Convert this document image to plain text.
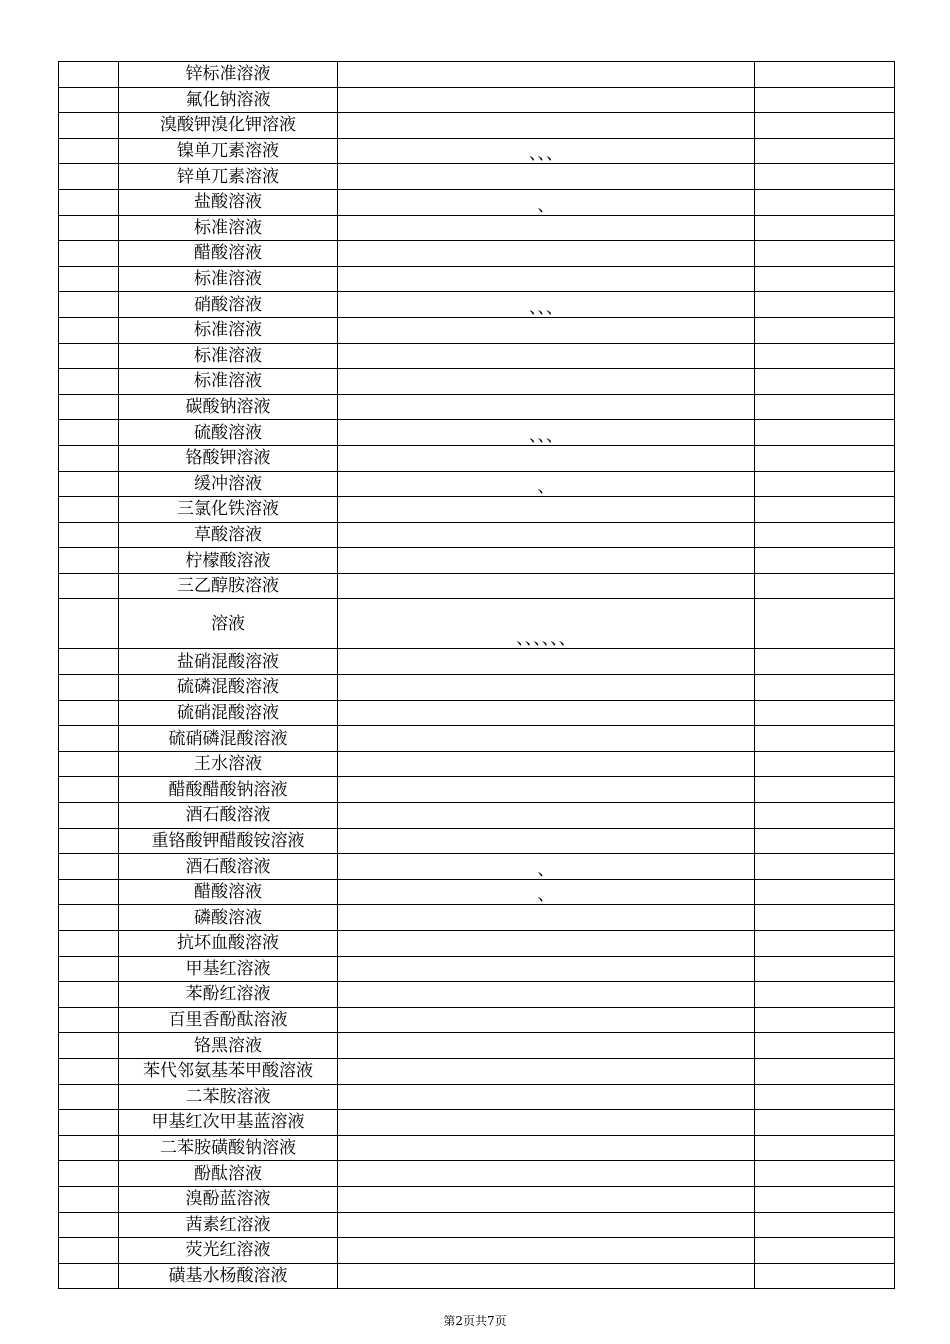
	锌标准溶液		
	氟化钠溶液		
	溴酸钾溴化钾溶液		
	镍单兀素溶液	、、、	
	锌单兀素溶液		
	盐酸溶液	、	
	标准溶液		
	醋酸溶液		
	标准溶液		
	硝酸溶液	、、、	
	标准溶液		
	标准溶液		
	标准溶液		
	碳酸钠溶液		
	硫酸溶液	、、、	
	铬酸钾溶液		
	缓冲溶液	、	
	三氯化铁溶液		
	草酸溶液		
	柠檬酸溶液		
	三乙醇胺溶液		
	溶液	、、、、、、	
	盐硝混酸溶液		
	硫磷混酸溶液		
	硫硝混酸溶液		
	硫硝磷混酸溶液		
	王水溶液		
	醋酸醋酸钠溶液		
	酒石酸溶液		
	重铬酸钾醋酸铵溶液		
	酒石酸溶液	、	
	醋酸溶液	、	
	磷酸溶液		
	抗坏血酸溶液		
	甲基红溶液		
	苯酚红溶液		
	百里香酚酞溶液		
	铬黑溶液		
	苯代邻氨基苯甲酸溶液		
	二苯胺溶液		
	甲基红次甲基蓝溶液		
	二苯胺磺酸钠溶液		
	酚酞溶液		
	溴酚蓝溶液		
	茜素红溶液		
	荧光红溶液		
	磺基水杨酸溶液		
第2页共7页
